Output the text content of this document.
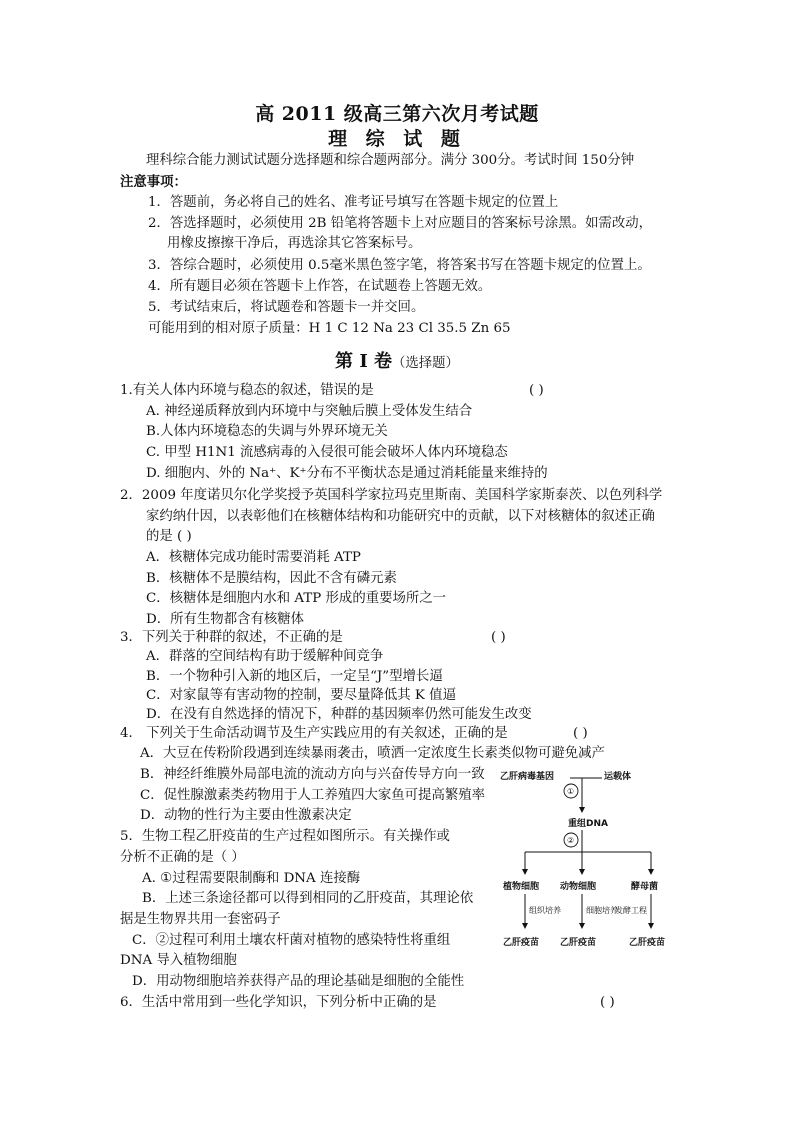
高 2011 级高三第六次月考试题
理 综 试 题
理科综合能力测试试题分选择题和综合题两部分。满分 300分。考试时间 150分钟
注意事项：
1．答题前，务必将自己的姓名、准考证号填写在答题卡规定的位置上
2．答选择题时，必须使用 2B 铅笔将答题卡上对应题目的答案标号涂黑。如需改动，
用橡皮擦擦干净后，再选涂其它答案标号。
3．答综合题时，必须使用 0.5毫米黑色签字笔，将答案书写在答题卡规定的位置上。
4．所有题目必须在答题卡上作答，在试题卷上答题无效。
5．考试结束后，将试题卷和答题卡一并交回。
可能用到的相对原子质量：H 1 C 12 Na 23 Cl 35.5 Zn 65
第 I 卷（选择题）
1.有关人体内环境与稳态的叙述，错误的是	( )
A. 神经递质释放到内环境中与突触后膜上受体发生结合
B.人体内环境稳态的失调与外界环境无关
C. 甲型 H1N1 流感病毒的入侵很可能会破坏人体内环境稳态
D. 细胞内、外的 Na⁺、K⁺分布不平衡状态是通过消耗能量来维持的
2．2009 年度诺贝尔化学奖授予英国科学家拉玛克里斯南、美国科学家斯泰茨、以色列科学
家约纳什因，以表彰他们在核糖体结构和功能研究中的贡献，以下对核糖体的叙述正确
的是 ( )
A．核糖体完成功能时需要消耗 ATP
B．核糖体不是膜结构，因此不含有磷元素
C．核糖体是细胞内水和 ATP 形成的重要场所之一
D．所有生物都含有核糖体
3．下列关于种群的叙述，不正确的是	( )
A．群落的空间结构有助于缓解种间竞争
B．一个物种引入新的地区后，一定呈“J”型增长逼
C．对家鼠等有害动物的控制，要尽量降低其 K 值逼
D．在没有自然选择的情况下，种群的基因频率仍然可能发生改变
4． 下列关于生命活动调节及生产实践应用的有关叙述，正确的是	( )
A．大豆在传粉阶段遇到连续暴雨袭击，喷洒一定浓度生长素类似物可避免减产
B．神经纤维膜外局部电流的流动方向与兴奋传导方向一致
C．促性腺激素类药物用于人工养殖四大家鱼可提高繁殖率
D．动物的性行为主要由性激素决定
5．生物工程乙肝疫苗的生产过程如图所示。有关操作或
分析不正确的是（ ）
A. ①过程需要限制酶和 DNA 连接酶
B．上述三条途径都可以得到相同的乙肝疫苗，其理论依
据是生物界共用一套密码子
C．②过程可利用土壤农杆菌对植物的感染特性将重组
DNA 导入植物细胞
D．用动物细胞培养获得产品的理论基础是细胞的全能性
6．生活中常用到一些化学知识，下列分析中正确的是	( )
乙肝病毒基因	运载体
①
重组DNA
②
植物细胞 动物细胞	酵母菌
组织培养	细胞培养
发酵工程
乙肝疫苗 乙肝疫苗	乙肝疫苗
